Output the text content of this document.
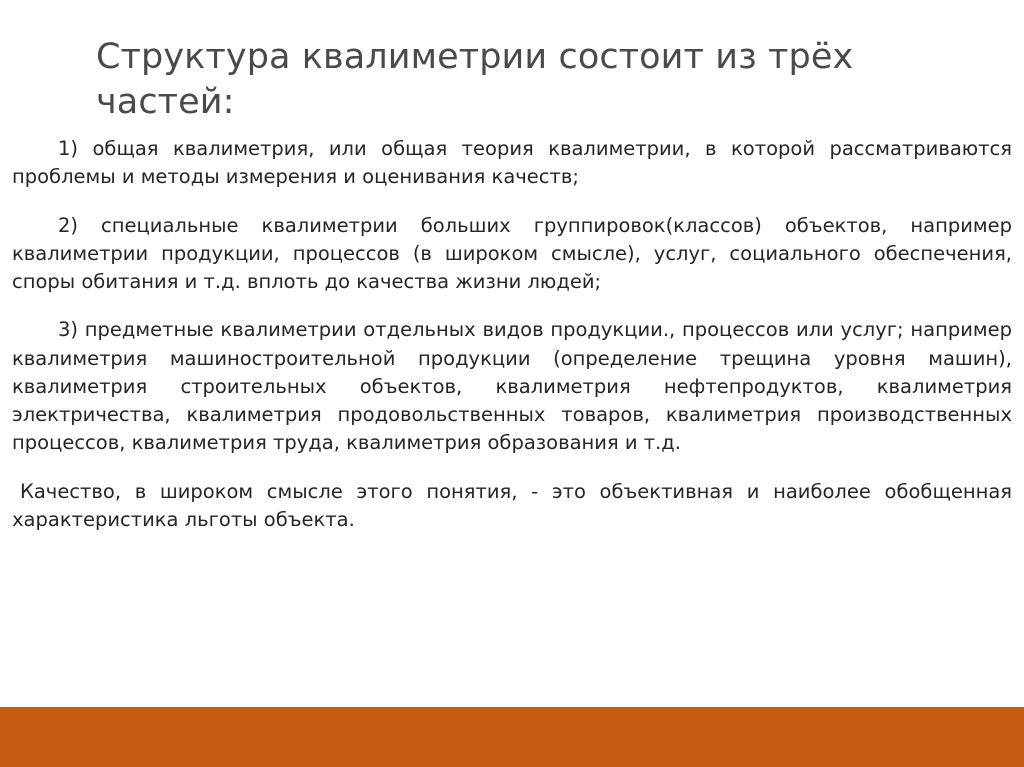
Структура квалиметрии состоит из трёх частей:

1) общая квалиметрия, или общая теория квалиметрии, в которой рассматриваются проблемы и методы измерения и оценивания качеств;

2) специальные квалиметрии больших группировок(классов) объектов, например квалиметрии продукции, процессов (в широком смысле), услуг, социального обеспечения, споры обитания и т.д. вплоть до качества жизни людей;

3) предметные квалиметрии отдельных видов продукции., процессов или услуг; например квалиметрия машиностроительной продукции (определение трещина уровня машин), квалиметрия строительных объектов, квалиметрия нефтепродуктов, квалиметрия электричества, квалиметрия продовольственных товаров, квалиметрия производственных процессов, квалиметрия труда, квалиметрия образования и т.д.

Качество, в широком смысле этого понятия, - это объективная и наиболее обобщенная характеристика льготы объекта.
